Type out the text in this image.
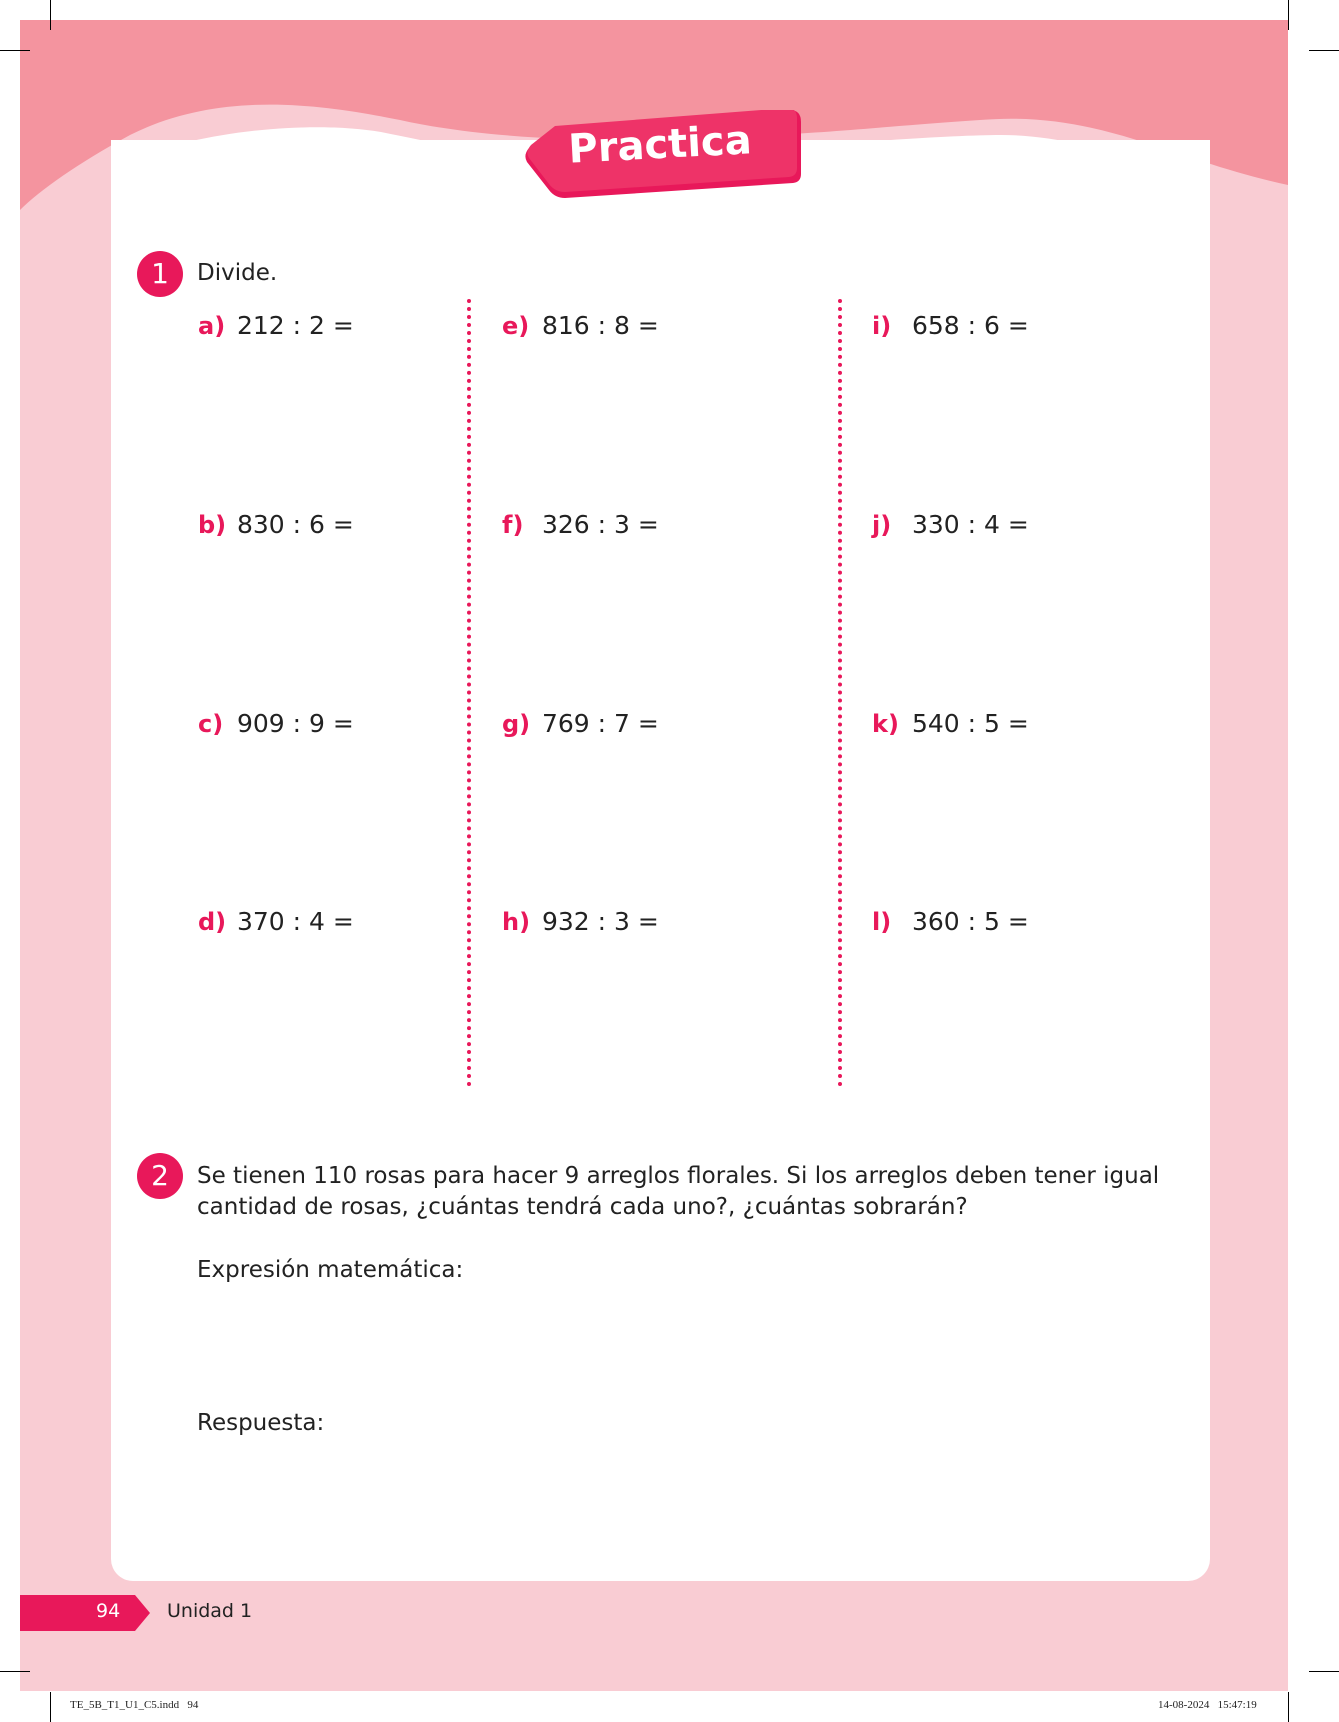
Practica
1	Divide.
a) 212 : 2 =
b) 830 : 6 =
c) 909 : 9 =
d) 370 : 4 =
e) 816 : 8 =
f) 326 : 3 =
g) 769 : 7 =
h) 932 : 3 =
i) 658 : 6 =
j) 330 : 4 =
k) 540 : 5 =
l) 360 : 5 =
2	Se tienen 110 rosas para hacer 9 arreglos florales. Si los arreglos deben tener igual
cantidad de rosas, ¿cuántas tendrá cada uno?, ¿cuántas sobrarán?
Expresión matemática:
Respuesta:
94 Unidad 1
TE_5B_T1_U1_C5.indd   94	14-08-2024   15:47:19
